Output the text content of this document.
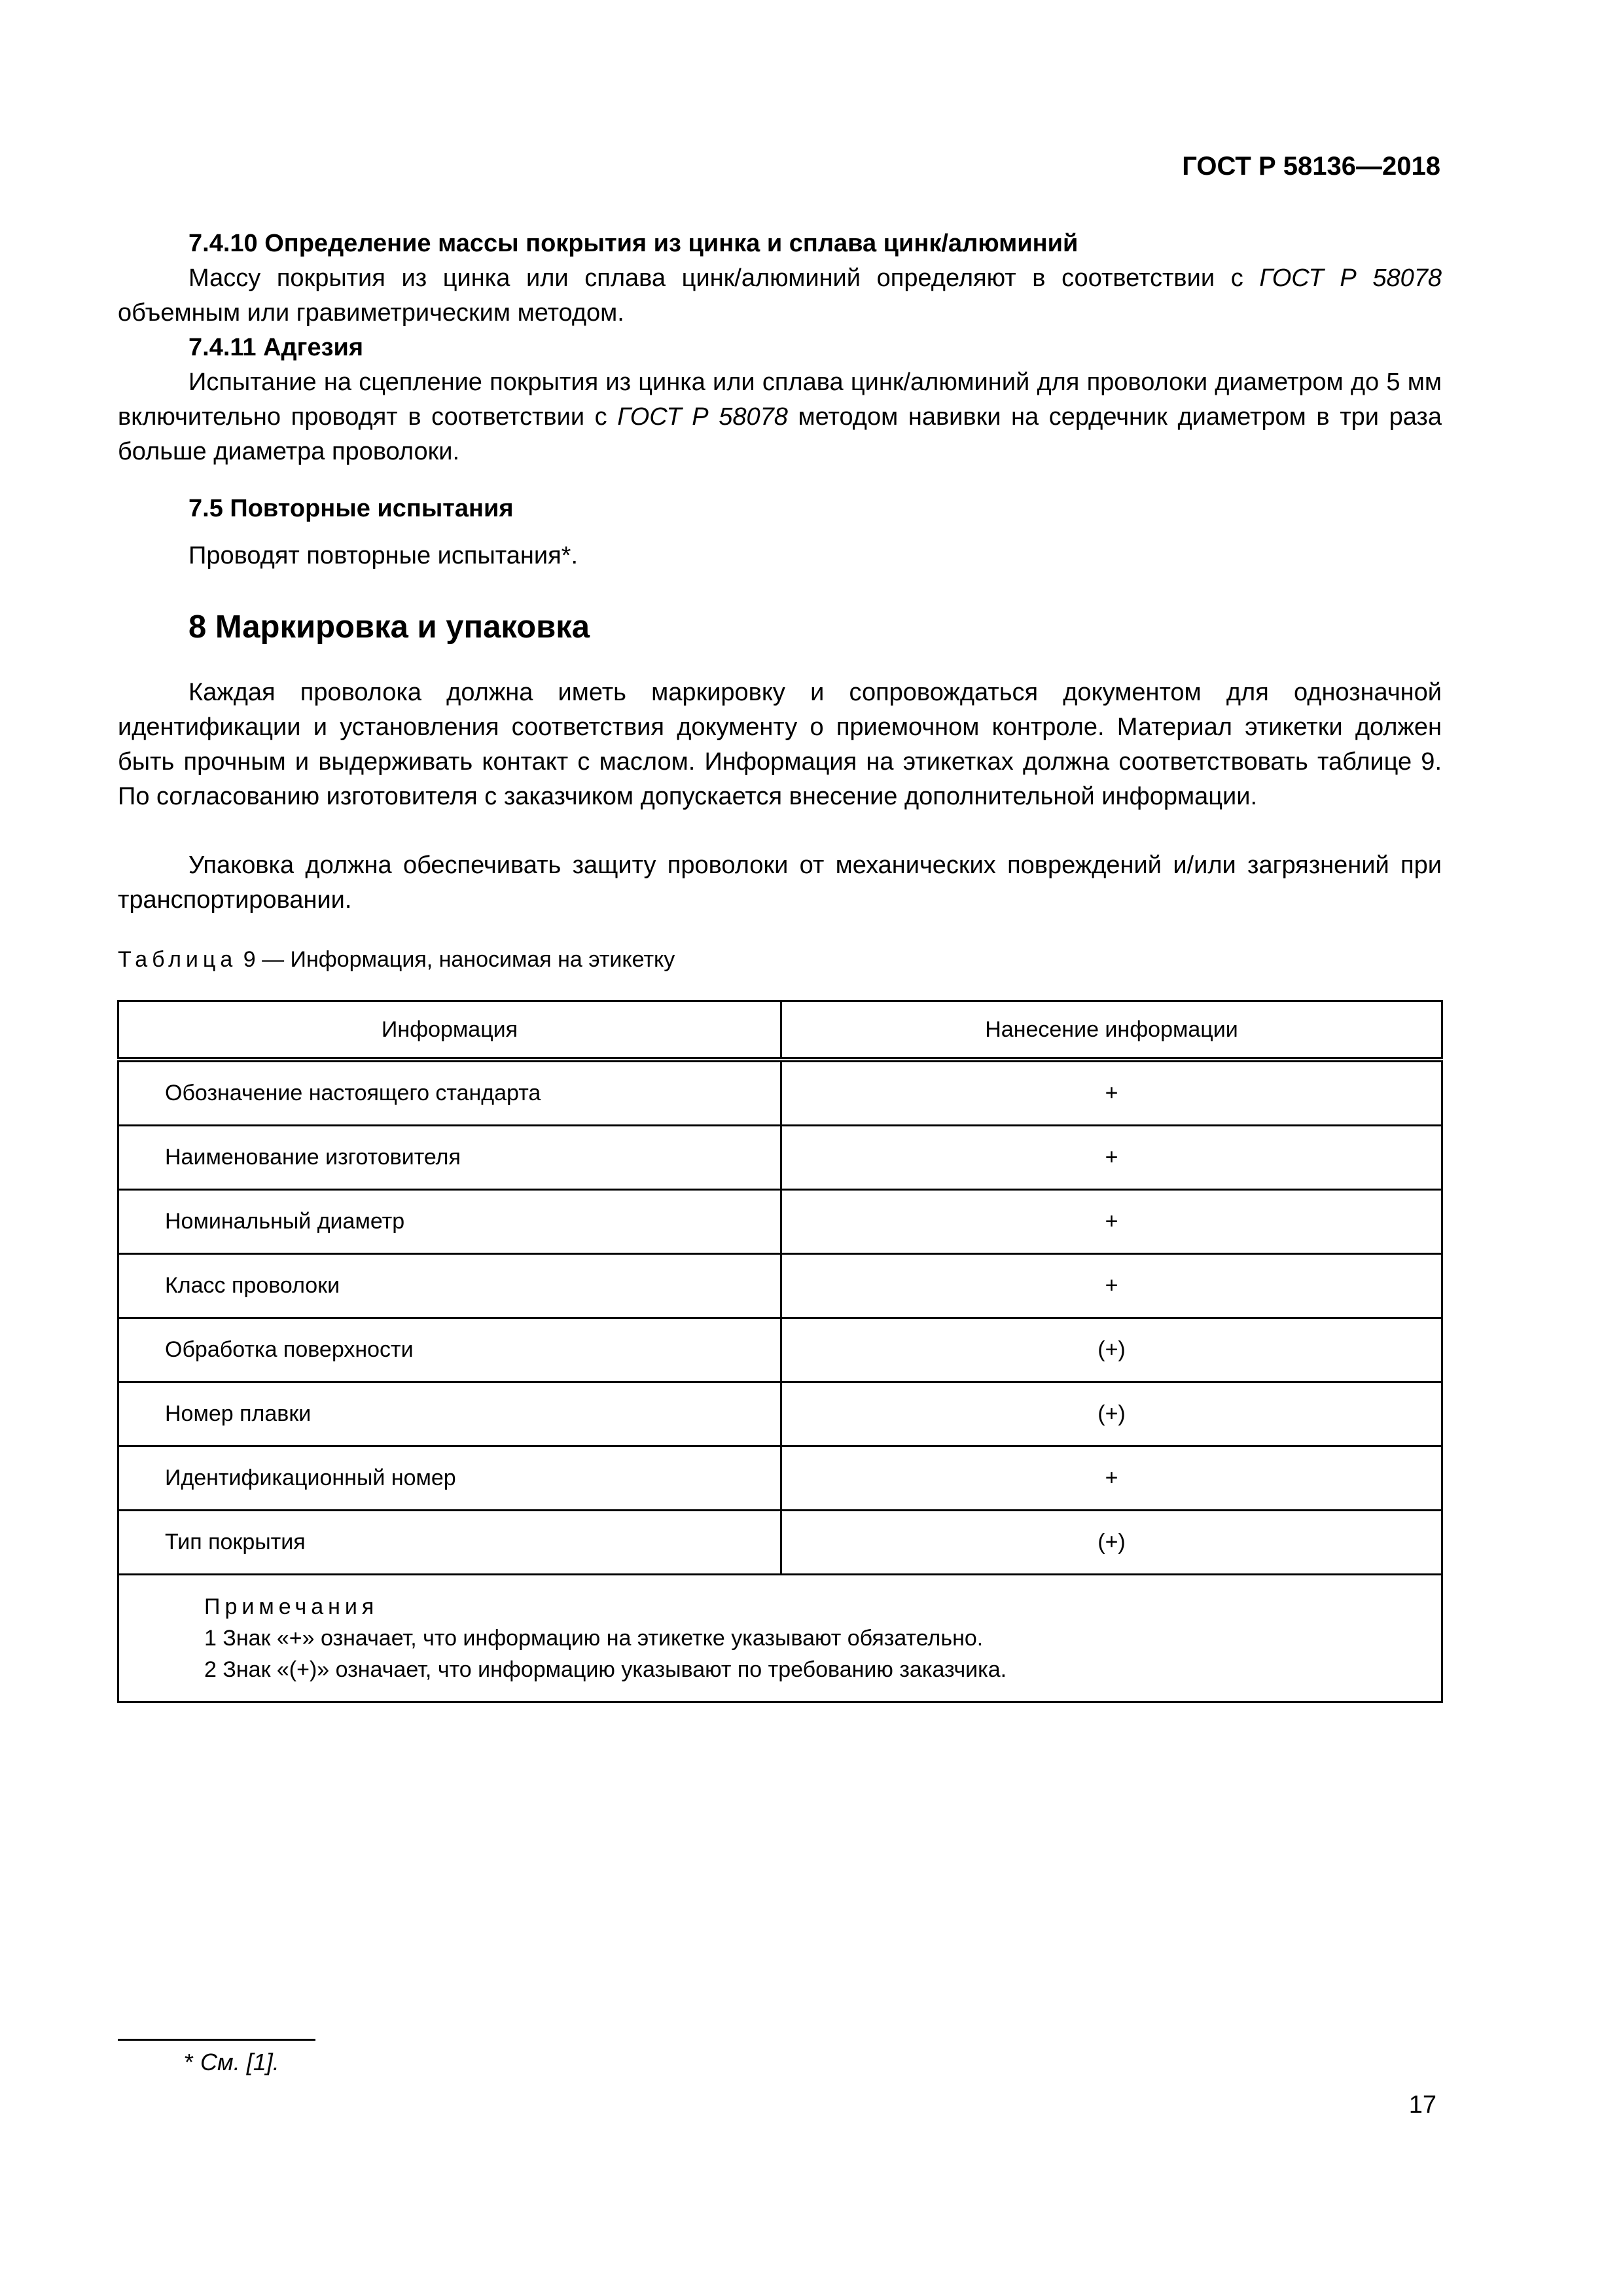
ГОСТ Р 58136—2018
7.4.10 Определение массы покрытия из цинка и сплава цинк/алюминий
Массу покрытия из цинка или сплава цинк/алюминий определяют в соответствии с ГОСТ Р 58078 объемным или гравиметрическим методом.
7.4.11 Адгезия
Испытание на сцепление покрытия из цинка или сплава цинк/алюминий для проволоки диаметром до 5 мм включительно проводят в соответствии с ГОСТ Р 58078 методом навивки на сердечник диаметром в три раза больше диаметра проволоки.
7.5 Повторные испытания
Проводят повторные испытания*.
8 Маркировка и упаковка
Каждая проволока должна иметь маркировку и сопровождаться документом для однозначной идентификации и установления соответствия документу о приемочном контроле. Материал этикетки должен быть прочным и выдерживать контакт с маслом. Информация на этикетках должна соответствовать таблице 9. По согласованию изготовителя с заказчиком допускается внесение дополнительной информации.
Упаковка должна обеспечивать защиту проволоки от механических повреждений и/или загрязнений при транспортировании.
Таблица 9 — Информация, наносимая на этикетку
Информация	Нанесение информации
Обозначение настоящего стандарта	+
Наименование изготовителя	+
Номинальный диаметр	+
Класс проволоки	+
Обработка поверхности	(+)
Номер плавки	(+)
Идентификационный номер	+
Тип покрытия	(+)

Примечания
1 Знак «+» означает, что информацию на этикетке указывают обязательно.
2 Знак «(+)» означает, что информацию указывают по требованию заказчика.	
* См. [1].
17
